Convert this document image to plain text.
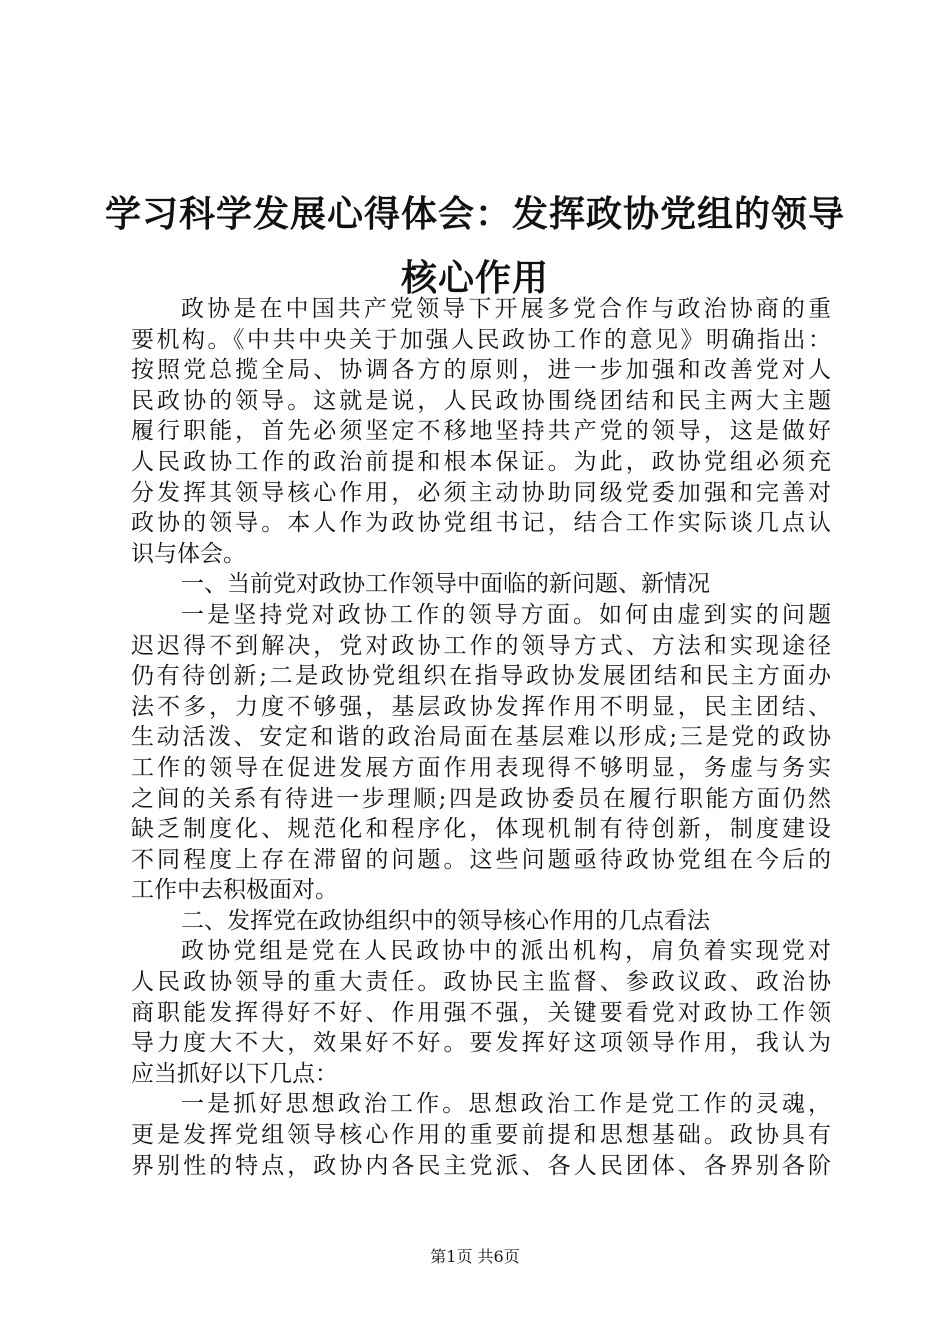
学习科学发展心得体会：发挥政协党组的领导
核心作用
政协是在中国共产党领导下开展多党合作与政治协商的重
要机构。《中共中央关于加强人民政协工作的意见》明确指出：
按照党总揽全局、协调各方的原则，进一步加强和改善党对人
民政协的领导。这就是说，人民政协围绕团结和民主两大主题
履行职能，首先必须坚定不移地坚持共产党的领导，这是做好
人民政协工作的政治前提和根本保证。为此，政协党组必须充
分发挥其领导核心作用，必须主动协助同级党委加强和完善对
政协的领导。本人作为政协党组书记，结合工作实际谈几点认
识与体会。
一、当前党对政协工作领导中面临的新问题、新情况
一是坚持党对政协工作的领导方面。如何由虚到实的问题
迟迟得不到解决，党对政协工作的领导方式、方法和实现途径
仍有待创新;二是政协党组织在指导政协发展团结和民主方面办
法不多，力度不够强，基层政协发挥作用不明显，民主团结、
生动活泼、安定和谐的政治局面在基层难以形成;三是党的政协
工作的领导在促进发展方面作用表现得不够明显，务虚与务实
之间的关系有待进一步理顺;四是政协委员在履行职能方面仍然
缺乏制度化、规范化和程序化，体现机制有待创新，制度建设
不同程度上存在滞留的问题。这些问题亟待政协党组在今后的
工作中去积极面对。
二、发挥党在政协组织中的领导核心作用的几点看法
政协党组是党在人民政协中的派出机构，肩负着实现党对
人民政协领导的重大责任。政协民主监督、参政议政、政治协
商职能发挥得好不好、作用强不强，关键要看党对政协工作领
导力度大不大，效果好不好。要发挥好这项领导作用，我认为
应当抓好以下几点：
一是抓好思想政治工作。思想政治工作是党工作的灵魂，
更是发挥党组领导核心作用的重要前提和思想基础。政协具有
界别性的特点，政协内各民主党派、各人民团体、各界别各阶
第1页 共6页
